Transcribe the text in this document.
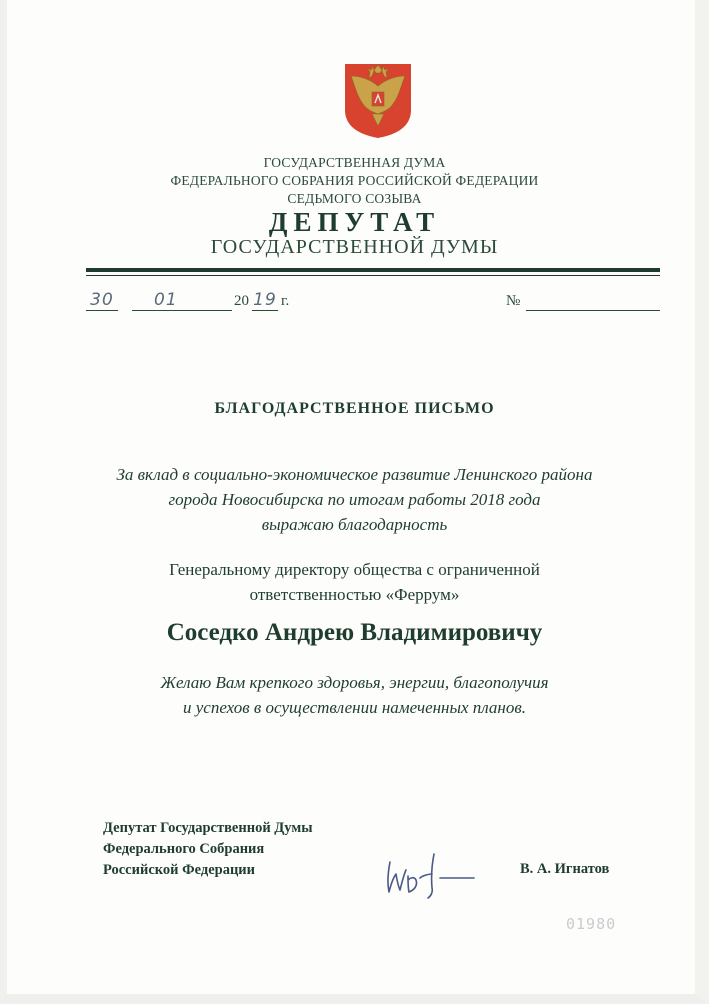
ГОСУДАРСТВЕННАЯ ДУМА
ФЕДЕРАЛЬНОГО СОБРАНИЯ РОССИЙСКОЙ ФЕДЕРАЦИИ
СЕДЬМОГО СОЗЫВА
ДЕПУТАТ
ГОСУДАРСТВЕННОЙ ДУМЫ
30	01	20 19 г.	№
БЛАГОДАРСТВЕННОЕ ПИСЬМО
За вклад в социально-экономическое развитие Ленинского района
города Новосибирска по итогам работы 2018 года
выражаю благодарность
Генеральному директору общества с ограниченной
ответственностью «Феррум»
Соседко Андрею Владимировичу
Желаю Вам крепкого здоровья, энергии, благополучия
и успехов в осуществлении намеченных планов.
Депутат Государственной Думы
Федерального Собрания
Российской Федерации	В. А. Игнатов
01980
